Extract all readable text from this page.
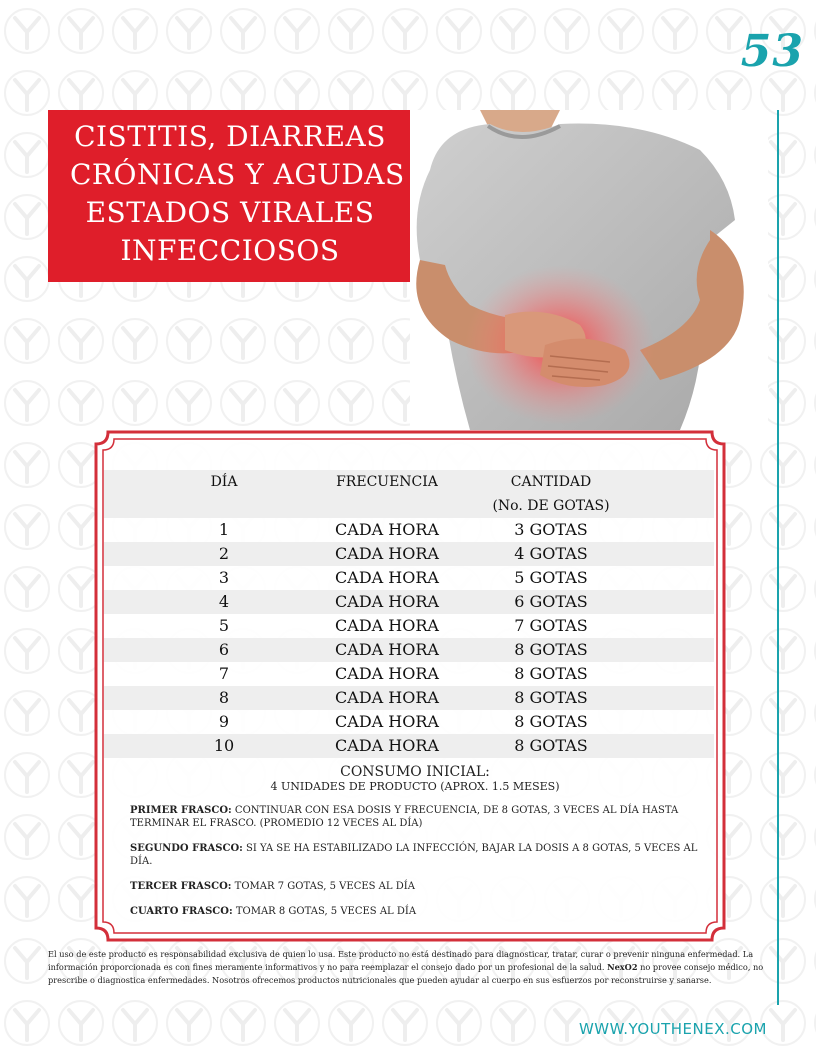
53
CISTITIS, DIARREAS
CRÓNICAS Y AGUDAS
ESTADOS VIRALES
INFECCIOSOS
DÍA	FRECUENCIA	CANTIDAD
(No. DE GOTAS)
1	CADA HORA	3 GOTAS
2	CADA HORA	4 GOTAS
3	CADA HORA	5 GOTAS
4	CADA HORA	6 GOTAS
5	CADA HORA	7 GOTAS
6	CADA HORA	8 GOTAS
7	CADA HORA	8 GOTAS
8	CADA HORA	8 GOTAS
9	CADA HORA	8 GOTAS
10	CADA HORA	8 GOTAS
CONSUMO INICIAL:
4 UNIDADES DE PRODUCTO (APROX. 1.5 MESES)
PRIMER FRASCO: CONTINUAR CON ESA DOSIS Y FRECUENCIA, DE 8 GOTAS, 3 VECES AL DÍA HASTA TERMINAR EL FRASCO. (PROMEDIO 12 VECES AL DÍA)
SEGUNDO FRASCO: SI YA SE HA ESTABILIZADO LA INFECCIÓN, BAJAR LA DOSIS A 8 GOTAS, 5 VECES AL DÍA.
TERCER FRASCO: TOMAR 7 GOTAS, 5 VECES AL DÍA
CUARTO FRASCO: TOMAR 8 GOTAS, 5 VECES AL DÍA
El uso de este producto es responsabilidad exclusiva de quien lo usa. Este producto no está destinado para diagnosticar, tratar, curar o prevenir ninguna enfermedad. La información proporcionada es con fines meramente informativos y no para reemplazar el consejo dado por un profesional de la salud. NexO2 no provee consejo médico, no prescribe o diagnostica enfermedades. Nosotros ofrecemos productos nutricionales que pueden ayudar al cuerpo en sus esfuerzos por reconstruirse y sanarse.
WWW.YOUTHENEX.COM
